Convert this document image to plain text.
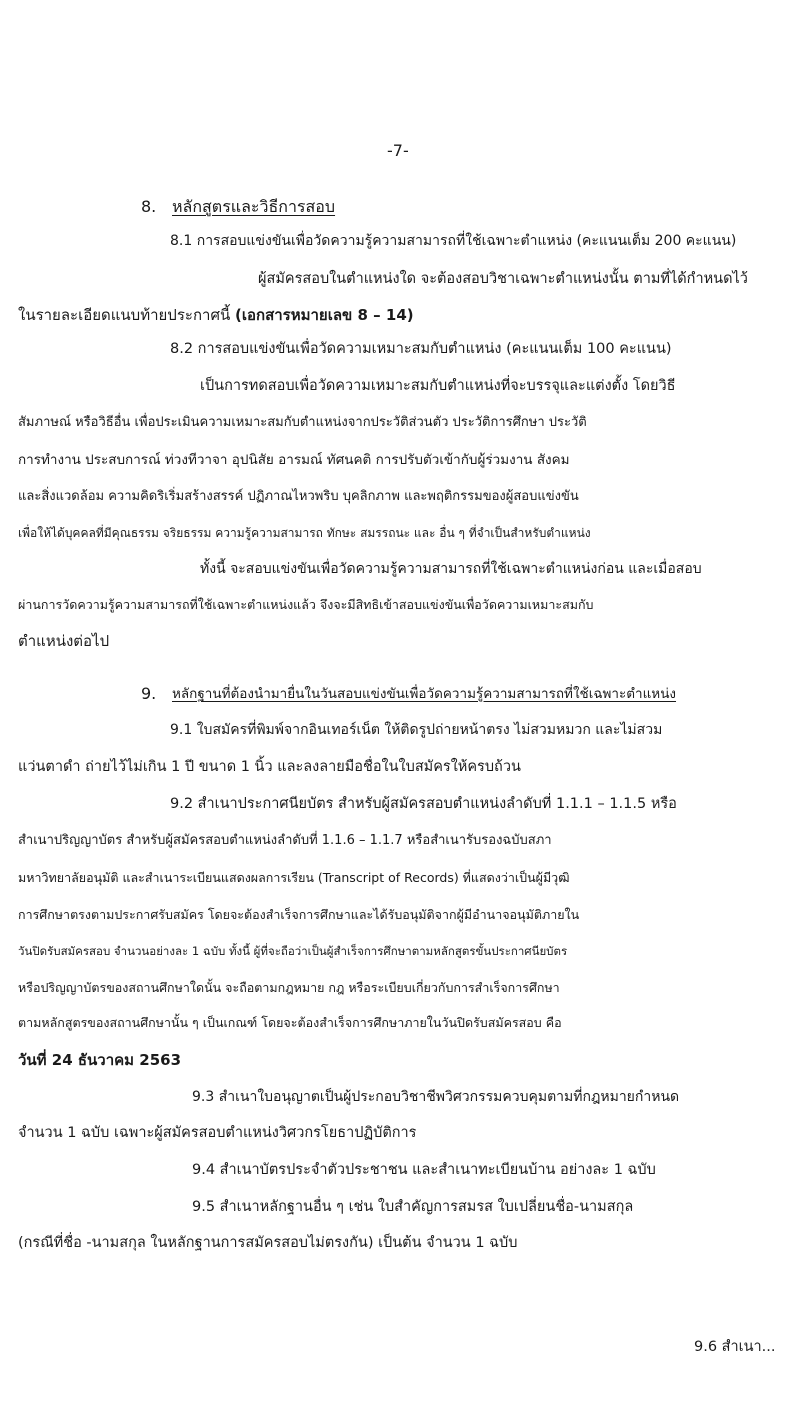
-7-
8. หลักสูตรและวิธีการสอบ
8.1 การสอบแข่งขันเพื่อวัดความรู้ความสามารถที่ใช้เฉพาะตำแหน่ง (คะแนนเต็ม 200 คะแนน)
ผู้สมัครสอบในตำแหน่งใด จะต้องสอบวิชาเฉพาะตำแหน่งนั้น ตามที่ได้กำหนดไว้
ในรายละเอียดแนบท้ายประกาศนี้ (เอกสารหมายเลข 8 – 14)
8.2 การสอบแข่งขันเพื่อวัดความเหมาะสมกับตำแหน่ง (คะแนนเต็ม 100 คะแนน)
เป็นการทดสอบเพื่อวัดความเหมาะสมกับตำแหน่งที่จะบรรจุและแต่งตั้ง โดยวิธี
สัมภาษณ์ หรือวิธีอื่น เพื่อประเมินความเหมาะสมกับตำแหน่งจากประวัติส่วนตัว ประวัติการศึกษา ประวัติ
การทำงาน ประสบการณ์ ท่วงทีวาจา อุปนิสัย อารมณ์ ทัศนคติ การปรับตัวเข้ากับผู้ร่วมงาน สังคม
และสิ่งแวดล้อม ความคิดริเริ่มสร้างสรรค์ ปฏิภาณไหวพริบ บุคลิกภาพ และพฤติกรรมของผู้สอบแข่งขัน
เพื่อให้ได้บุคคลที่มีคุณธรรม จริยธรรม ความรู้ความสามารถ ทักษะ สมรรถนะ และ อื่น ๆ ที่จำเป็นสำหรับตำแหน่ง
ทั้งนี้ จะสอบแข่งขันเพื่อวัดความรู้ความสามารถที่ใช้เฉพาะตำแหน่งก่อน และเมื่อสอบ
ผ่านการวัดความรู้ความสามารถที่ใช้เฉพาะตำแหน่งแล้ว จึงจะมีสิทธิเข้าสอบแข่งขันเพื่อวัดความเหมาะสมกับ
ตำแหน่งต่อไป
9. หลักฐานที่ต้องนำมายื่นในวันสอบแข่งขันเพื่อวัดความรู้ความสามารถที่ใช้เฉพาะตำแหน่ง
9.1 ใบสมัครที่พิมพ์จากอินเทอร์เน็ต ให้ติดรูปถ่ายหน้าตรง ไม่สวมหมวก และไม่สวม
แว่นตาดำ ถ่ายไว้ไม่เกิน 1 ปี ขนาด 1 นิ้ว และลงลายมือชื่อในใบสมัครให้ครบถ้วน
9.2 สำเนาประกาศนียบัตร สำหรับผู้สมัครสอบตำแหน่งลำดับที่ 1.1.1 – 1.1.5 หรือ
สำเนาปริญญาบัตร สำหรับผู้สมัครสอบตำแหน่งลำดับที่ 1.1.6 – 1.1.7 หรือสำเนารับรองฉบับสภา
มหาวิทยาลัยอนุมัติ และสำเนาระเบียนแสดงผลการเรียน (Transcript of Records) ที่แสดงว่าเป็นผู้มีวุฒิ
การศึกษาตรงตามประกาศรับสมัคร โดยจะต้องสำเร็จการศึกษาและได้รับอนุมัติจากผู้มีอำนาจอนุมัติภายใน
วันปิดรับสมัครสอบ จำนวนอย่างละ 1 ฉบับ ทั้งนี้ ผู้ที่จะถือว่าเป็นผู้สำเร็จการศึกษาตามหลักสูตรขั้นประกาศนียบัตร
หรือปริญญาบัตรของสถานศึกษาใดนั้น จะถือตามกฎหมาย กฎ หรือระเบียบเกี่ยวกับการสำเร็จการศึกษา
ตามหลักสูตรของสถานศึกษานั้น ๆ เป็นเกณฑ์ โดยจะต้องสำเร็จการศึกษาภายในวันปิดรับสมัครสอบ คือ
วันที่ 24 ธันวาคม 2563
9.3 สำเนาใบอนุญาตเป็นผู้ประกอบวิชาชีพวิศวกรรมควบคุมตามที่กฎหมายกำหนด
จำนวน 1 ฉบับ เฉพาะผู้สมัครสอบตำแหน่งวิศวกรโยธาปฏิบัติการ
9.4 สำเนาบัตรประจำตัวประชาชน และสำเนาทะเบียนบ้าน อย่างละ 1 ฉบับ
9.5 สำเนาหลักฐานอื่น ๆ เช่น ใบสำคัญการสมรส ใบเปลี่ยนชื่อ-นามสกุล
(กรณีที่ชื่อ -นามสกุล ในหลักฐานการสมัครสอบไม่ตรงกัน) เป็นต้น จำนวน 1 ฉบับ
9.6 สำเนา...
